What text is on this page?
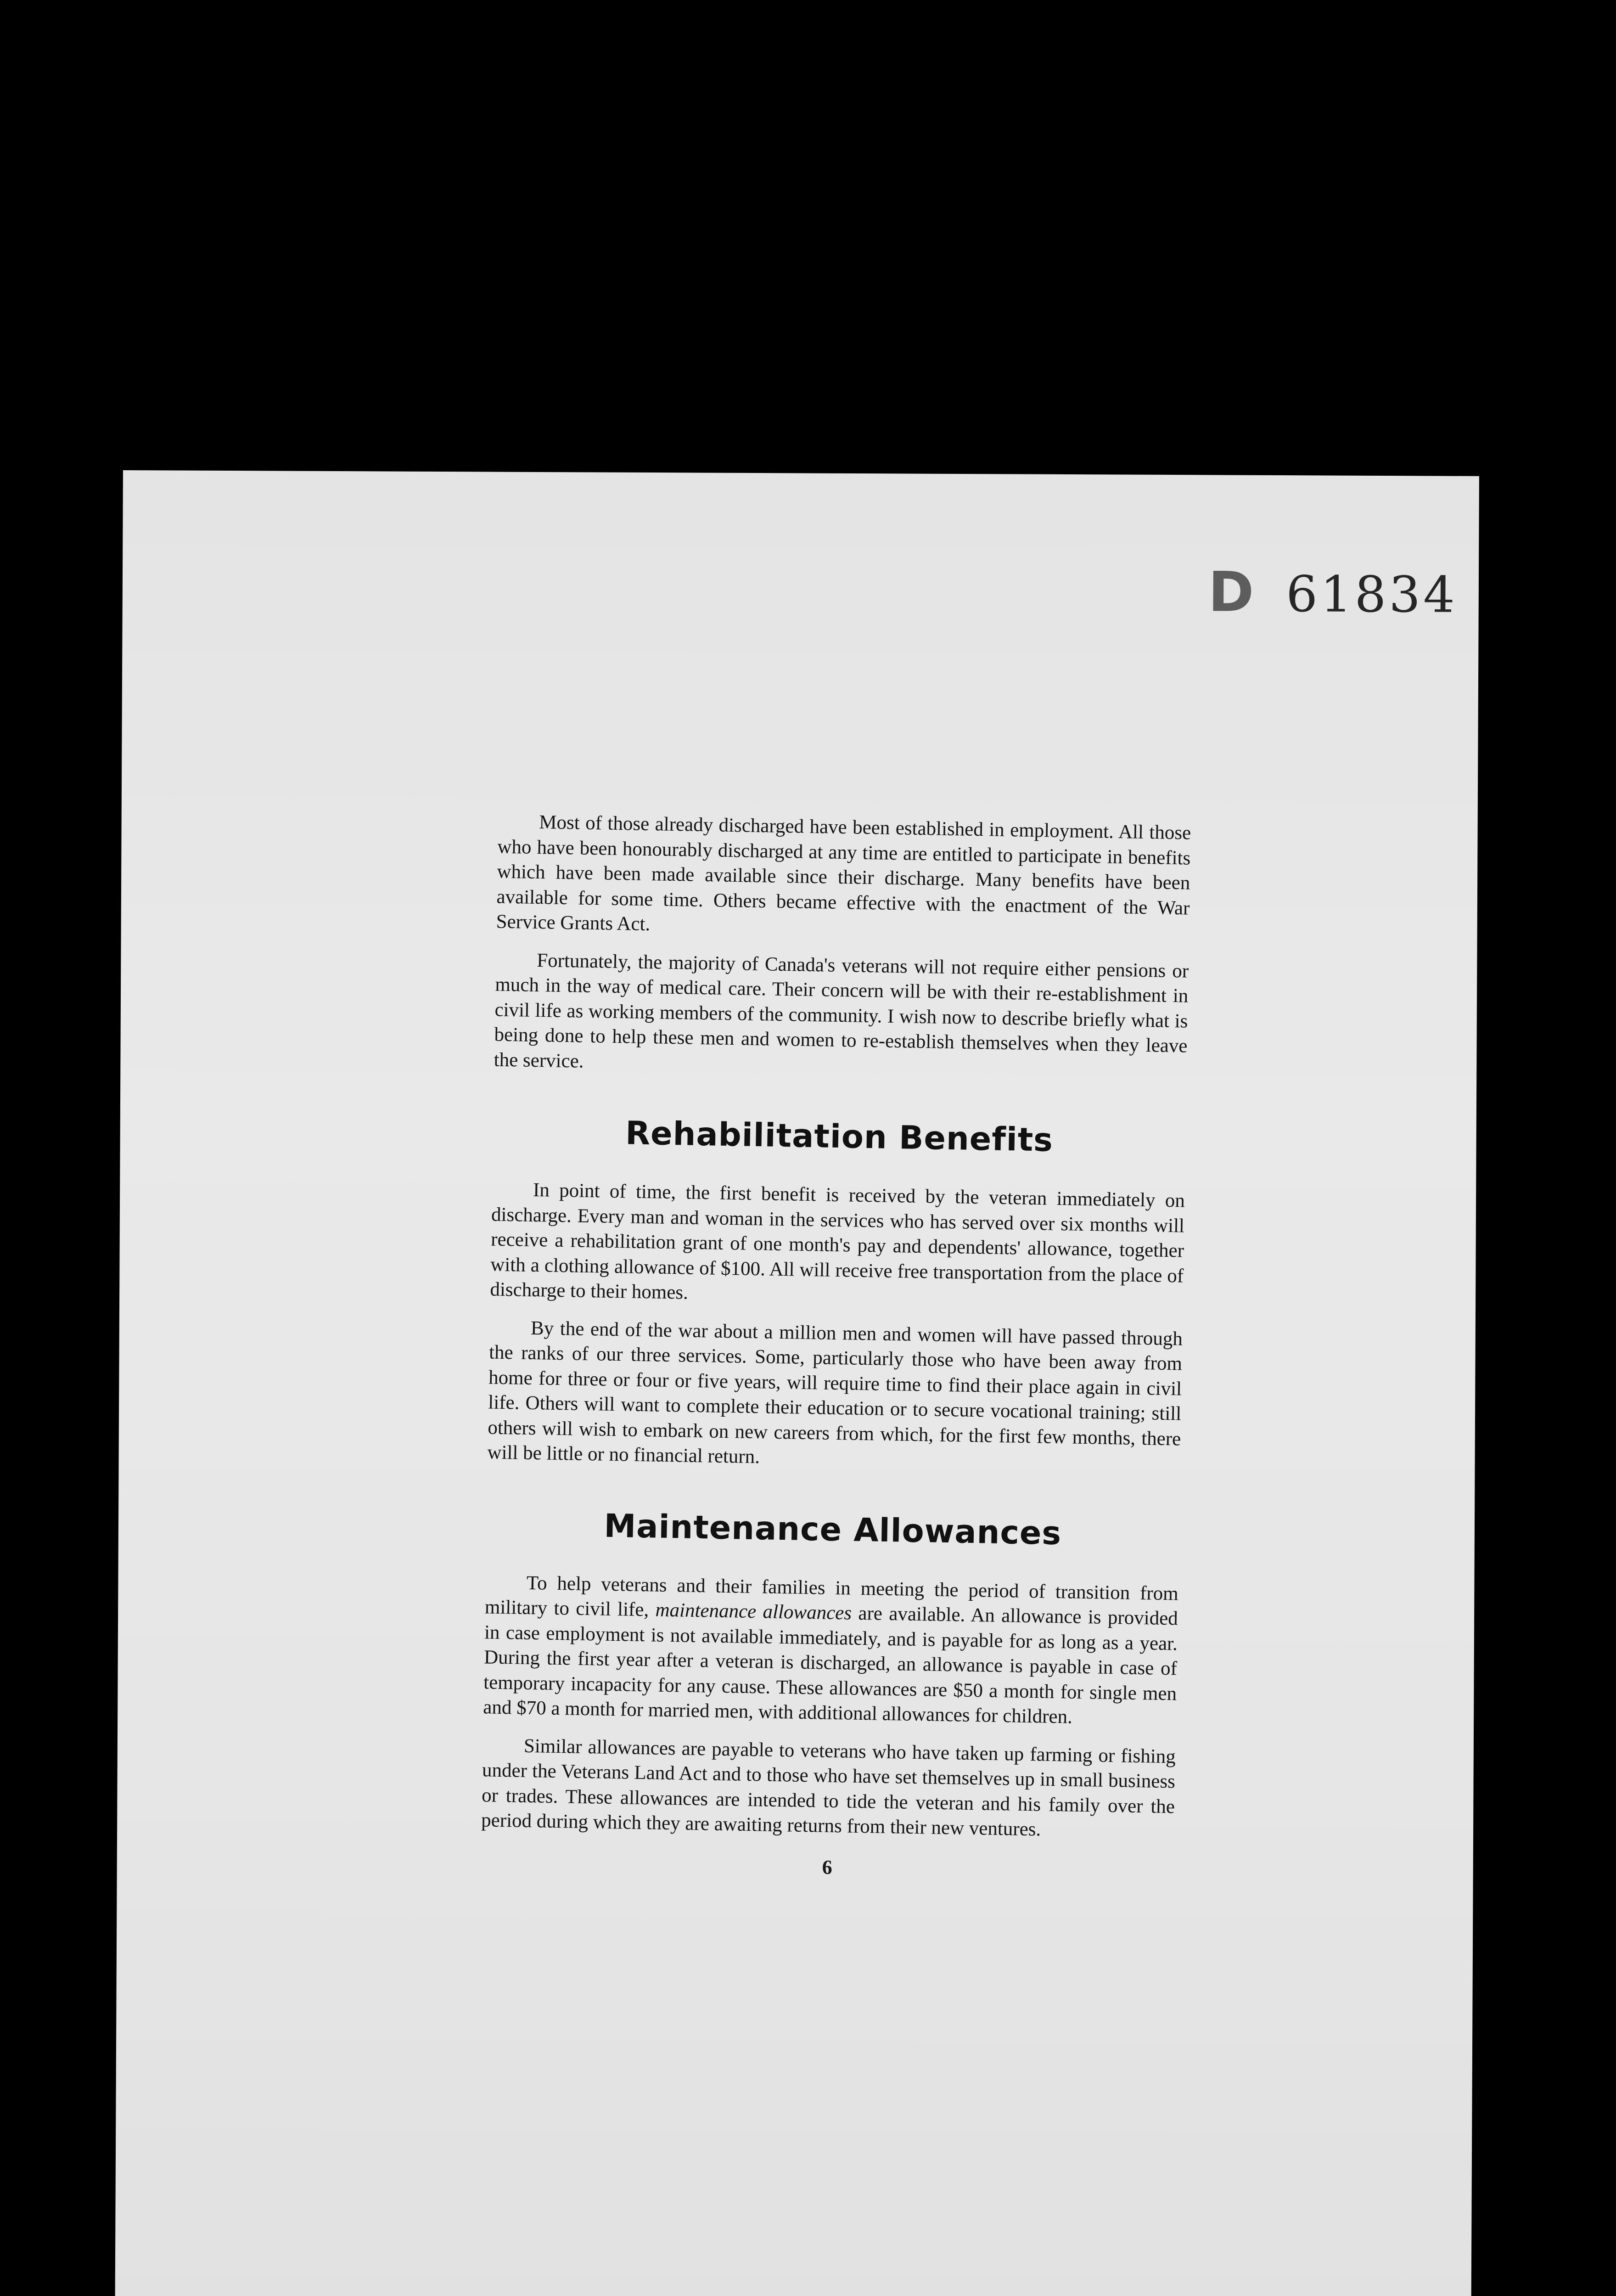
D 61834

Most of those already discharged have been established in employment. All those who have been honourably discharged at any time are entitled to participate in benefits which have been made available since their discharge. Many benefits have been available for some time. Others became effective with the enactment of the War Service Grants Act.

Fortunately, the majority of Canada's veterans will not require either pensions or much in the way of medical care. Their concern will be with their re-establishment in civil life as working members of the community. I wish now to describe briefly what is being done to help these men and women to re-establish themselves when they leave the service.

Rehabilitation Benefits

In point of time, the first benefit is received by the veteran immediately on discharge. Every man and woman in the services who has served over six months will receive a rehabilitation grant of one month's pay and dependents' allowance, together with a clothing allowance of $100. All will receive free transportation from the place of discharge to their homes.

By the end of the war about a million men and women will have passed through the ranks of our three services. Some, particularly those who have been away from home for three or four or five years, will require time to find their place again in civil life. Others will want to complete their education or to secure vocational training; still others will wish to embark on new careers from which, for the first few months, there will be little or no financial return.

Maintenance Allowances

To help veterans and their families in meeting the period of transition from military to civil life, maintenance allowances are available. An allowance is provided in case employment is not available immediately, and is payable for as long as a year. During the first year after a veteran is discharged, an allowance is payable in case of temporary incapacity for any cause. These allowances are $50 a month for single men and $70 a month for married men, with additional allowances for children.

Similar allowances are payable to veterans who have taken up farming or fishing under the Veterans Land Act and to those who have set themselves up in small business or trades. These allowances are intended to tide the veteran and his family over the period during which they are awaiting returns from their new ventures.

6
